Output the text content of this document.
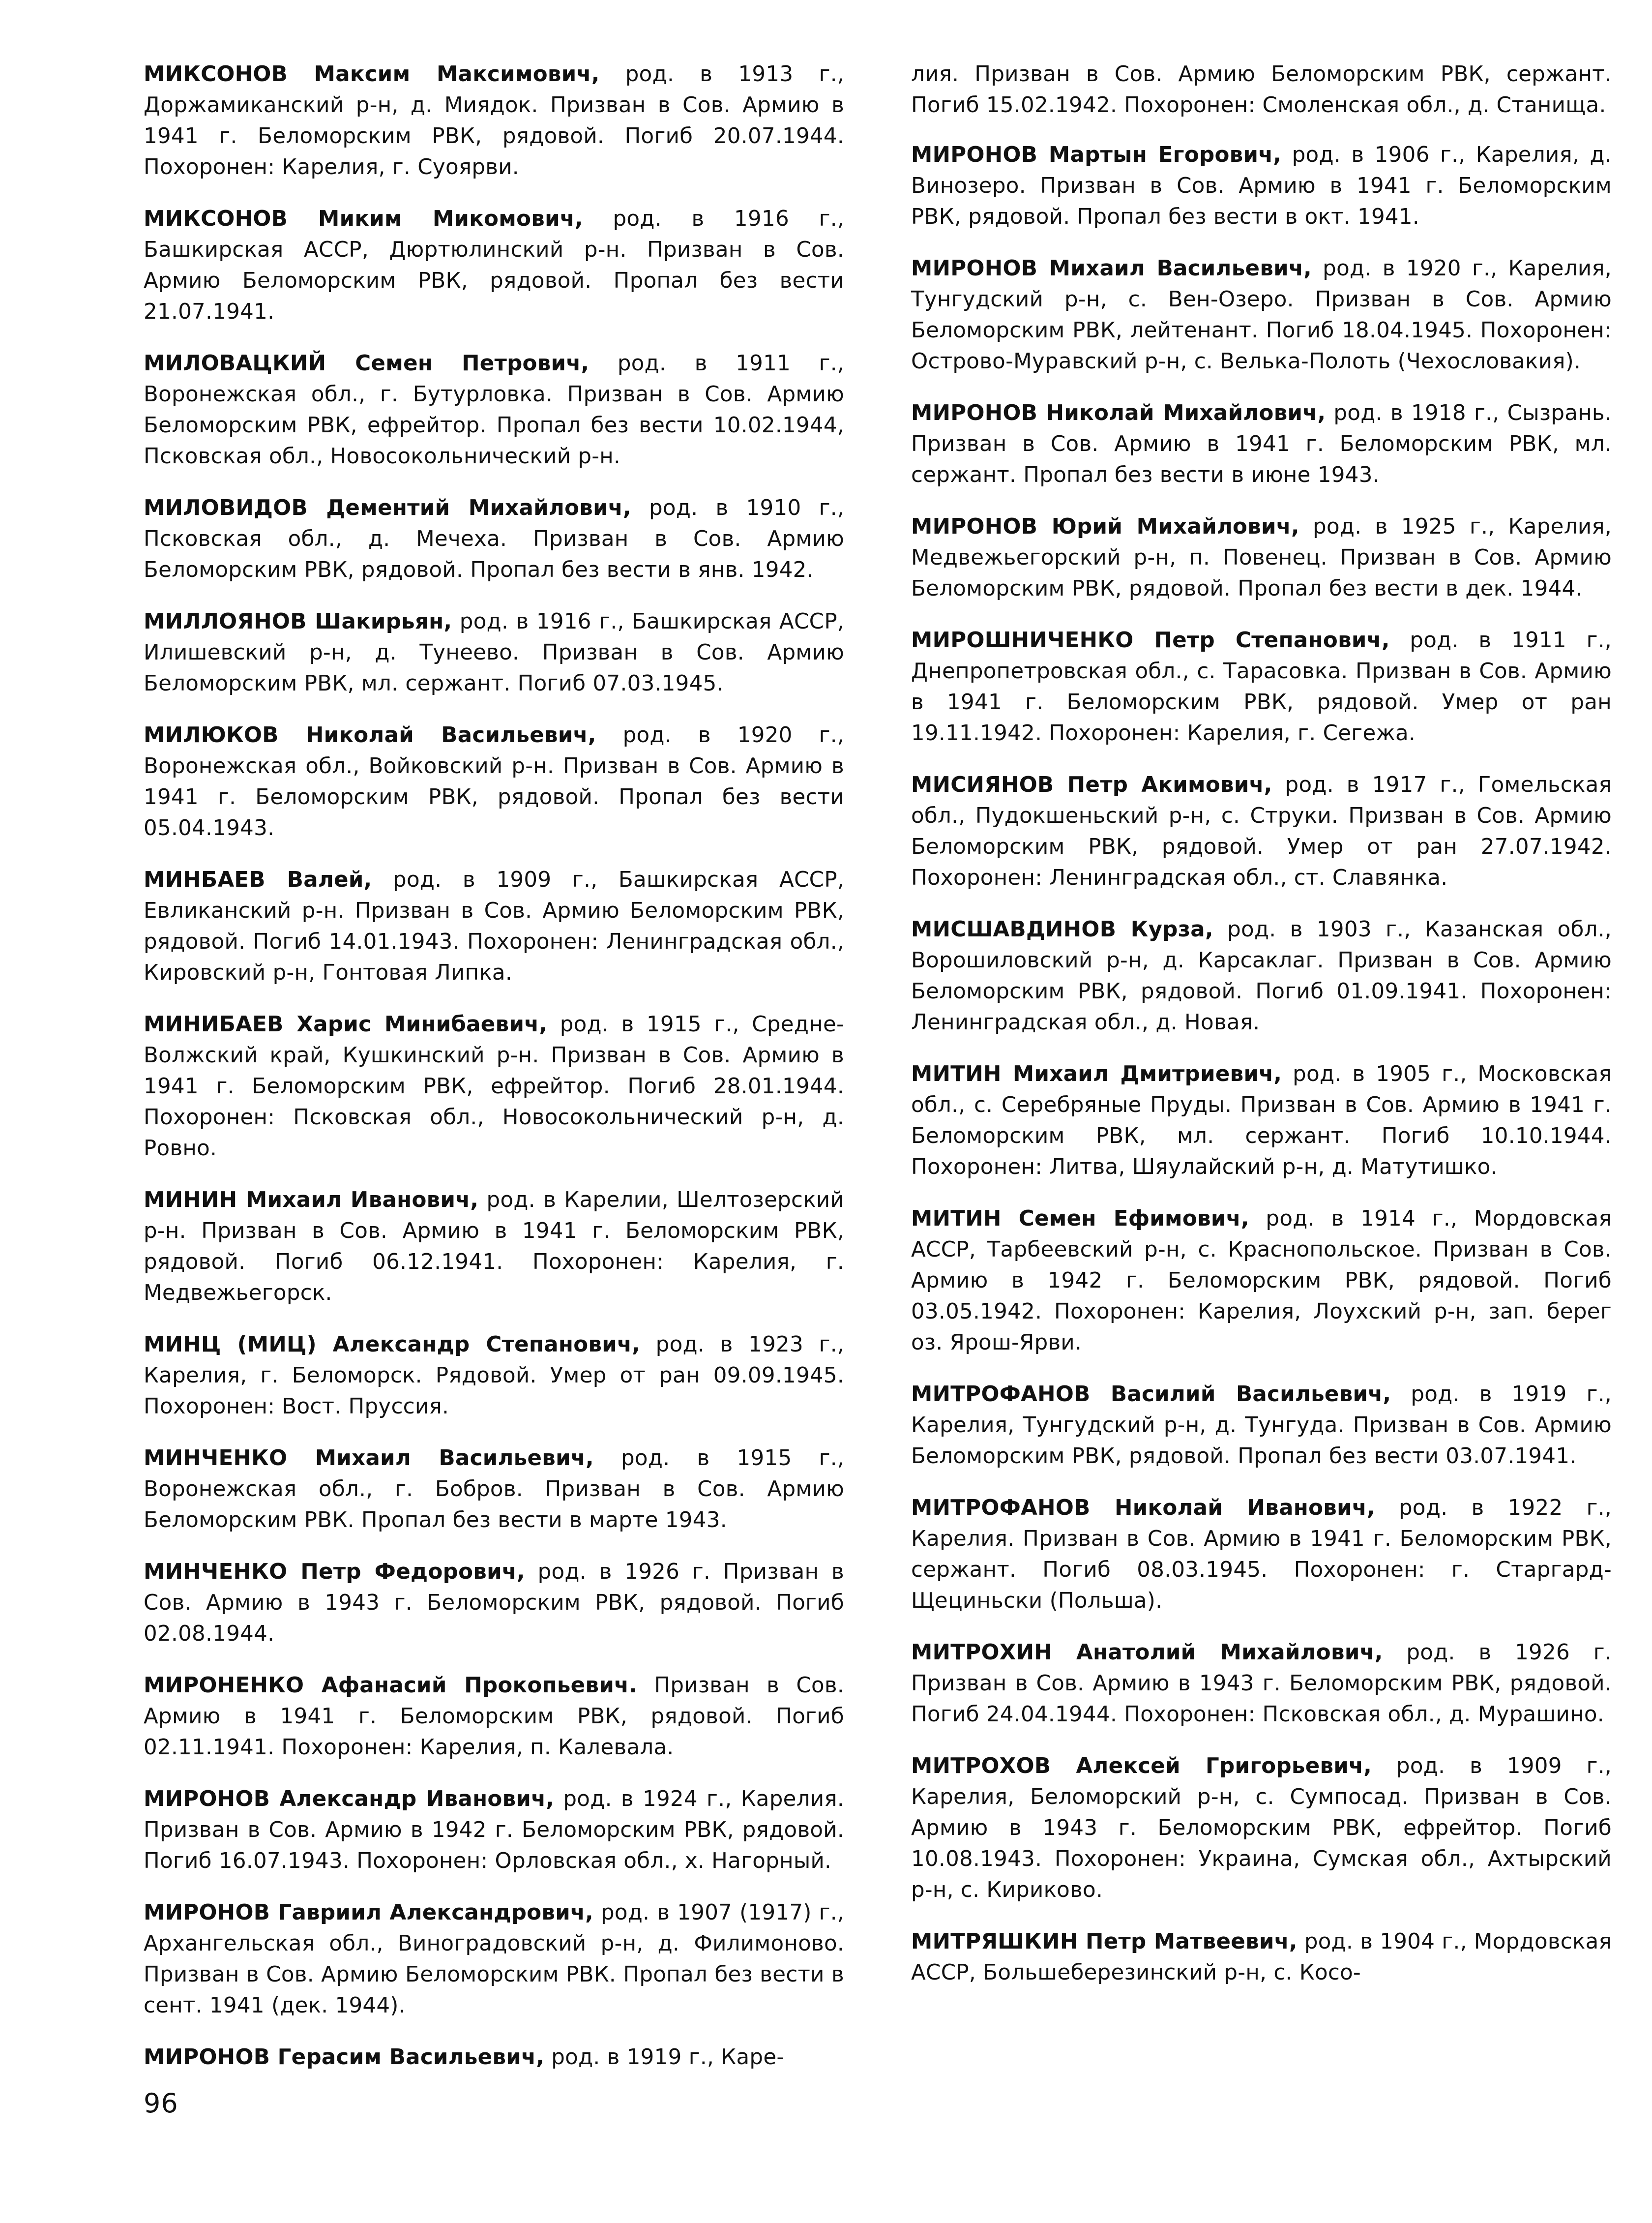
МИКСОНОВ Максим Максимович, род. в 1913 г., Доржамиканский р-н, д. Миядок. Призван в Сов. Армию в 1941 г. Беломорским РВК, рядовой. Погиб 20.07.1944. Похоронен: Карелия, г. Суоярви.

МИКСОНОВ Миким Микомович, род. в 1916 г., Башкирская АССР, Дюртюлинский р-н. Призван в Сов. Армию Беломорским РВК, рядовой. Пропал без вести 21.07.1941.

МИЛОВАЦКИЙ Семен Петрович, род. в 1911 г., Воронежская обл., г. Бутурловка. Призван в Сов. Армию Беломорским РВК, ефрейтор. Пропал без вести 10.02.1944, Псковская обл., Новосокольнический р-н.

МИЛОВИДОВ Дементий Михайлович, род. в 1910 г., Псковская обл., д. Мечеха. Призван в Сов. Армию Беломорским РВК, рядовой. Пропал без вести в янв. 1942.

МИЛЛОЯНОВ Шакирьян, род. в 1916 г., Башкирская АССР, Илишевский р-н, д. Тунеево. Призван в Сов. Армию Беломорским РВК, мл. сержант. Погиб 07.03.1945.

МИЛЮКОВ Николай Васильевич, род. в 1920 г., Воронежская обл., Войковский р-н. Призван в Сов. Армию в 1941 г. Беломорским РВК, рядовой. Пропал без вести 05.04.1943.

МИНБАЕВ Валей, род. в 1909 г., Башкирская АССР, Евликанский р-н. Призван в Сов. Армию Беломорским РВК, рядовой. Погиб 14.01.1943. Похоронен: Ленинградская обл., Кировский р-н, Гонтовая Липка.

МИНИБАЕВ Харис Минибаевич, род. в 1915 г., Средне-Волжский край, Кушкинский р-н. Призван в Сов. Армию в 1941 г. Беломорским РВК, ефрейтор. Погиб 28.01.1944. Похоронен: Псковская обл., Новосокольнический р-н, д. Ровно.

МИНИН Михаил Иванович, род. в Карелии, Шелтозерский р-н. Призван в Сов. Армию в 1941 г. Беломорским РВК, рядовой. Погиб 06.12.1941. Похоронен: Карелия, г. Медвежьегорск.

МИНЦ (МИЦ) Александр Степанович, род. в 1923 г., Карелия, г. Беломорск. Рядовой. Умер от ран 09.09.1945. Похоронен: Вост. Пруссия.

МИНЧЕНКО Михаил Васильевич, род. в 1915 г., Воронежская обл., г. Бобров. Призван в Сов. Армию Беломорским РВК. Пропал без вести в марте 1943.

МИНЧЕНКО Петр Федорович, род. в 1926 г. Призван в Сов. Армию в 1943 г. Беломорским РВК, рядовой. Погиб 02.08.1944.

МИРОНЕНКО Афанасий Прокопьевич. Призван в Сов. Армию в 1941 г. Беломорским РВК, рядовой. Погиб 02.11.1941. Похоронен: Карелия, п. Калевала.

МИРОНОВ Александр Иванович, род. в 1924 г., Карелия. Призван в Сов. Армию в 1942 г. Беломорским РВК, рядовой. Погиб 16.07.1943. Похоронен: Орловская обл., х. Нагорный.

МИРОНОВ Гавриил Александрович, род. в 1907 (1917) г., Архангельская обл., Виноградовский р-н, д. Филимоново. Призван в Сов. Армию Беломорским РВК. Пропал без вести в сент. 1941 (дек. 1944).

МИРОНОВ Герасим Васильевич, род. в 1919 г., Каре-

лия. Призван в Сов. Армию Беломорским РВК, сержант. Погиб 15.02.1942. Похоронен: Смоленская обл., д. Станища.

МИРОНОВ Мартын Егорович, род. в 1906 г., Карелия, д. Винозеро. Призван в Сов. Армию в 1941 г. Беломорским РВК, рядовой. Пропал без вести в окт. 1941.

МИРОНОВ Михаил Васильевич, род. в 1920 г., Карелия, Тунгудский р-н, с. Вен-Озеро. Призван в Сов. Армию Беломорским РВК, лейтенант. Погиб 18.04.1945. Похоронен: Острово-Муравский р-н, с. Велька-Полоть (Чехословакия).

МИРОНОВ Николай Михайлович, род. в 1918 г., Сызрань. Призван в Сов. Армию в 1941 г. Беломорским РВК, мл. сержант. Пропал без вести в июне 1943.

МИРОНОВ Юрий Михайлович, род. в 1925 г., Карелия, Медвежьегорский р-н, п. Повенец. Призван в Сов. Армию Беломорским РВК, рядовой. Пропал без вести в дек. 1944.

МИРОШНИЧЕНКО Петр Степанович, род. в 1911 г., Днепропетровская обл., с. Тарасовка. Призван в Сов. Армию в 1941 г. Беломорским РВК, рядовой. Умер от ран 19.11.1942. Похоронен: Карелия, г. Сегежа.

МИСИЯНОВ Петр Акимович, род. в 1917 г., Гомельская обл., Пудокшеньский р-н, с. Струки. Призван в Сов. Армию Беломорским РВК, рядовой. Умер от ран 27.07.1942. Похоронен: Ленинградская обл., ст. Славянка.

МИСШАВДИНОВ Курза, род. в 1903 г., Казанская обл., Ворошиловский р-н, д. Карсаклаг. Призван в Сов. Армию Беломорским РВК, рядовой. Погиб 01.09.1941. Похоронен: Ленинградская обл., д. Новая.

МИТИН Михаил Дмитриевич, род. в 1905 г., Московская обл., с. Серебряные Пруды. Призван в Сов. Армию в 1941 г. Беломорским РВК, мл. сержант. Погиб 10.10.1944. Похоронен: Литва, Шяулайский р-н, д. Матутишко.

МИТИН Семен Ефимович, род. в 1914 г., Мордовская АССР, Тарбеевский р-н, с. Краснопольское. Призван в Сов. Армию в 1942 г. Беломорским РВК, рядовой. Погиб 03.05.1942. Похоронен: Карелия, Лоухский р-н, зап. берег оз. Ярош-Ярви.

МИТРОФАНОВ Василий Васильевич, род. в 1919 г., Карелия, Тунгудский р-н, д. Тунгуда. Призван в Сов. Армию Беломорским РВК, рядовой. Пропал без вести 03.07.1941.

МИТРОФАНОВ Николай Иванович, род. в 1922 г., Карелия. Призван в Сов. Армию в 1941 г. Беломорским РВК, сержант. Погиб 08.03.1945. Похоронен: г. Старгард-Щециньски (Польша).

МИТРОХИН Анатолий Михайлович, род. в 1926 г. Призван в Сов. Армию в 1943 г. Беломорским РВК, рядовой. Погиб 24.04.1944. Похоронен: Псковская обл., д. Мурашино.

МИТРОХОВ Алексей Григорьевич, род. в 1909 г., Карелия, Беломорский р-н, с. Сумпосад. Призван в Сов. Армию в 1943 г. Беломорским РВК, ефрейтор. Погиб 10.08.1943. Похоронен: Украина, Сумская обл., Ахтырский р-н, с. Кириково.

МИТРЯШКИН Петр Матвеевич, род. в 1904 г., Мордовская АССР, Большеберезинский р-н, с. Косо-

96
